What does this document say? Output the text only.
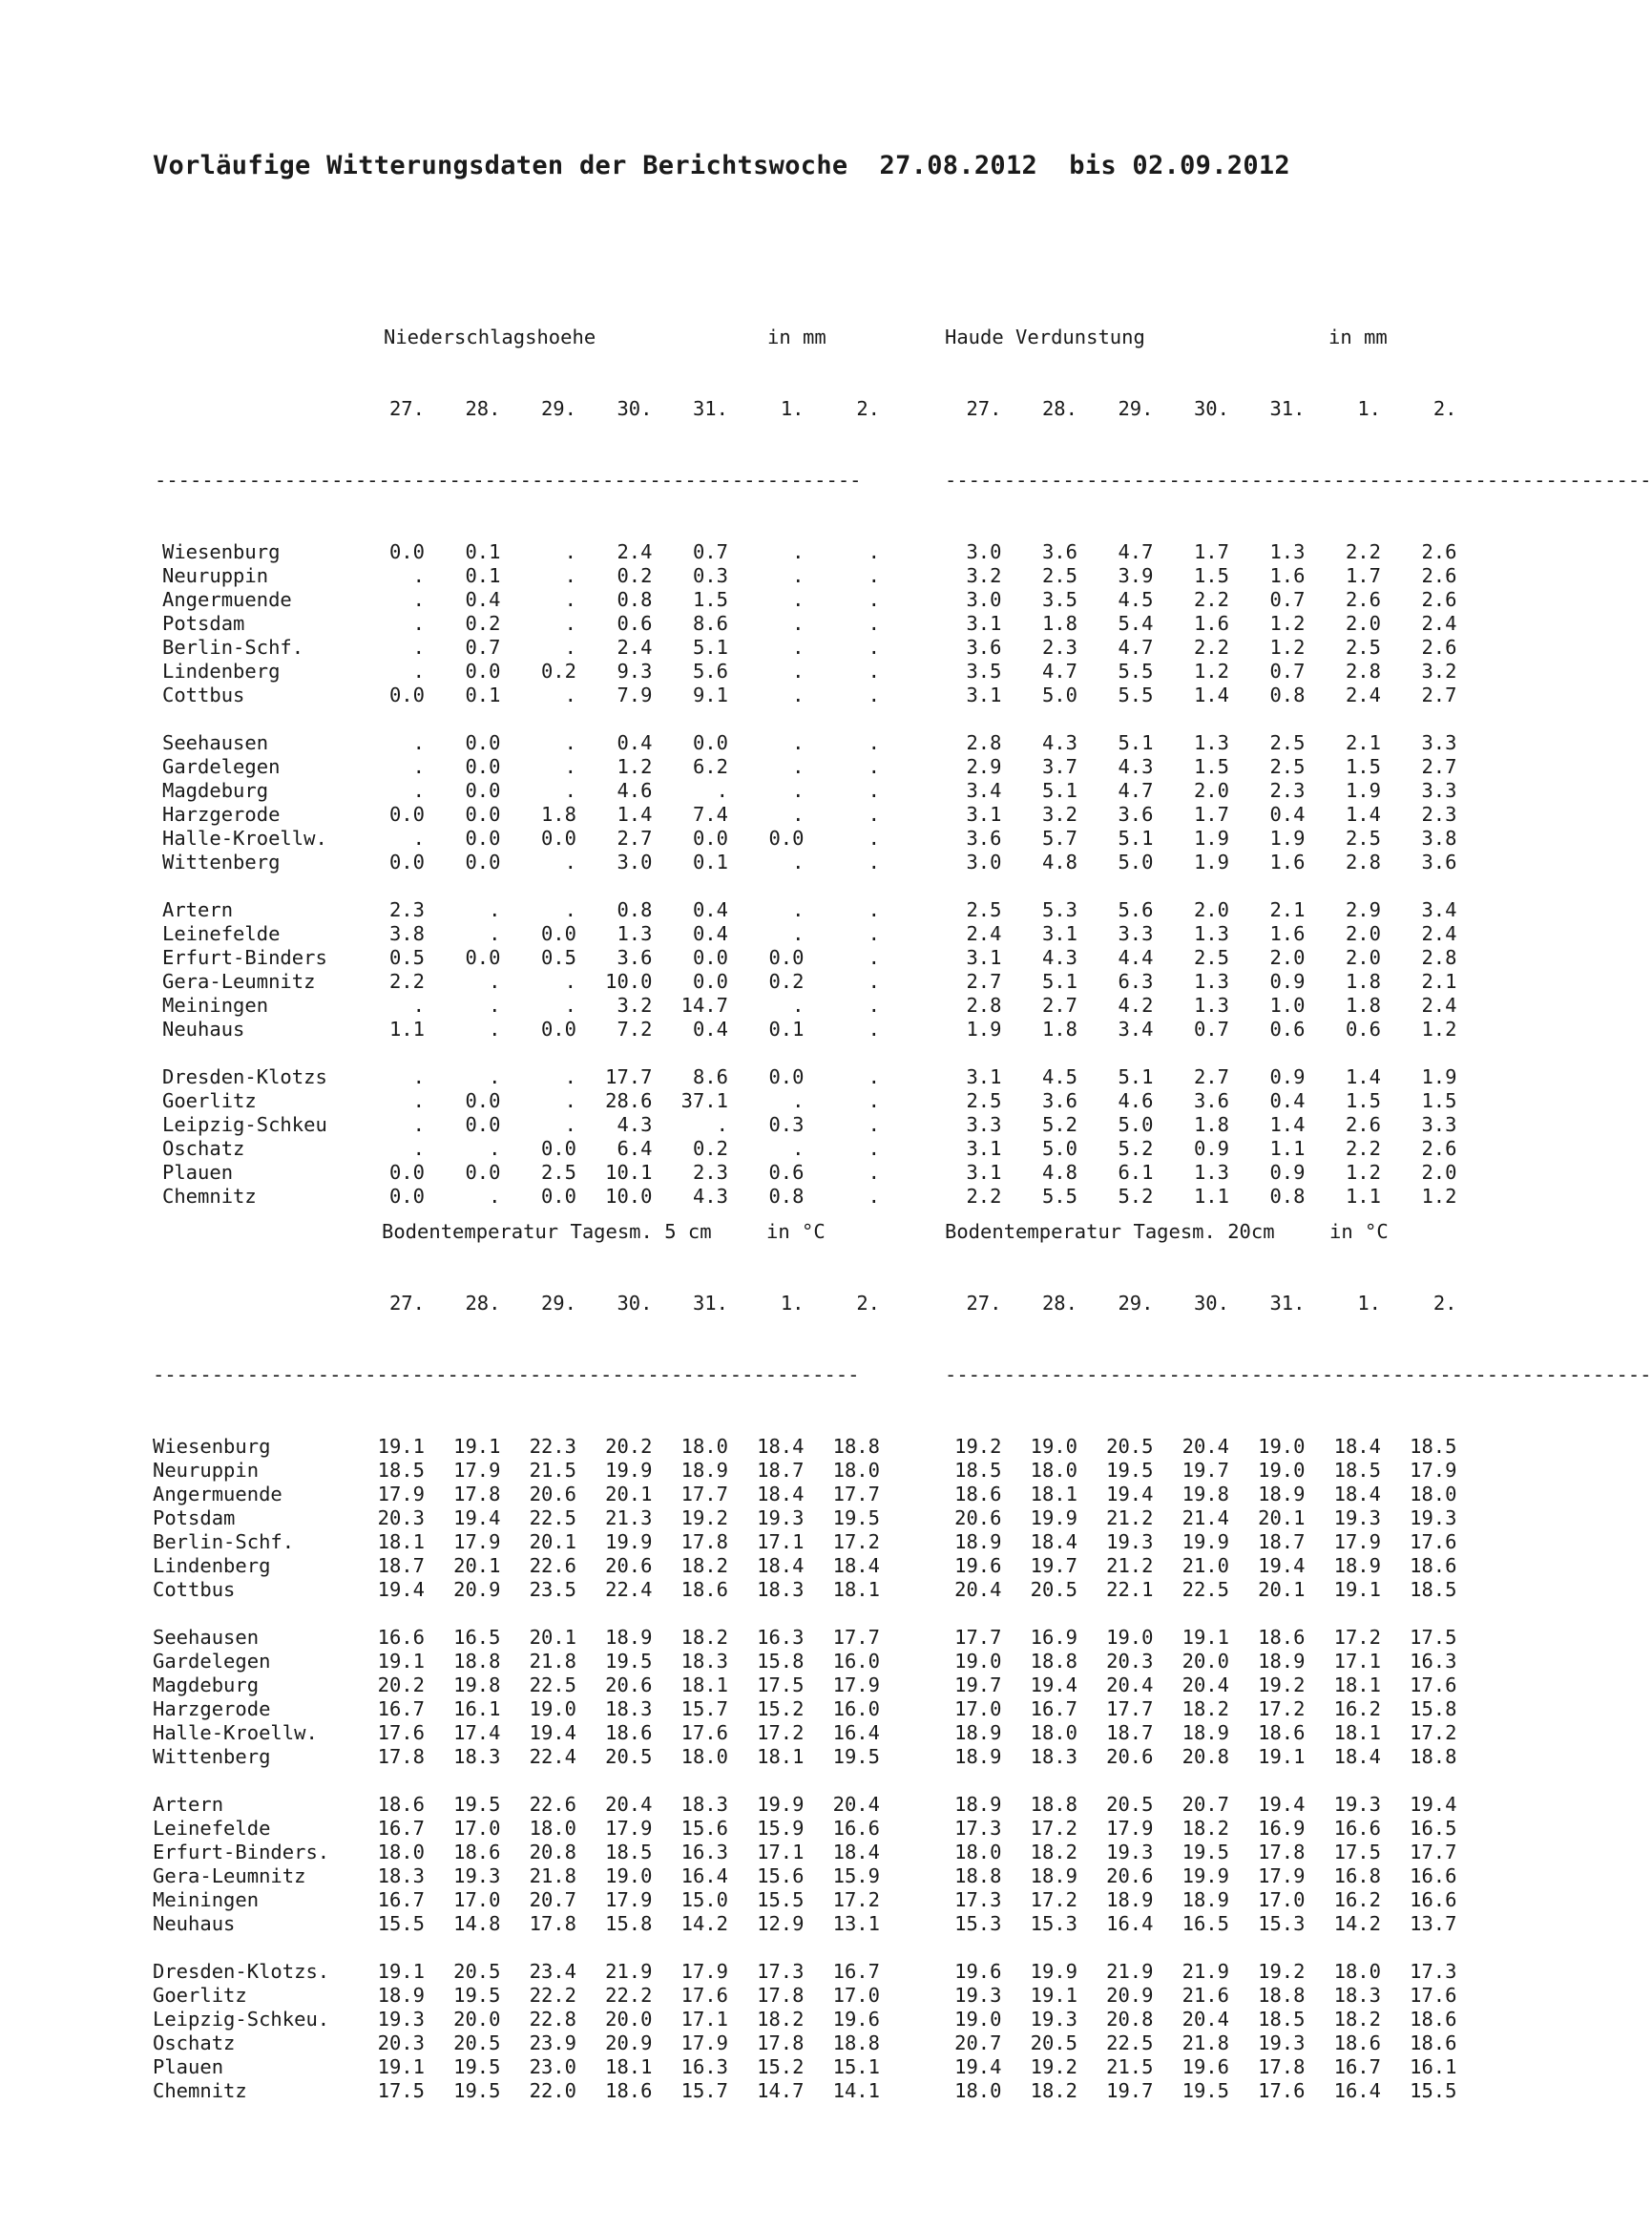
Vorläufige Witterungsdaten der Berichtswoche  27.08.2012  bis 02.09.2012

Niederschlagshoehe

	in mm

27.	28.	29.	30.	31.	1.	2.

------------------------------------------------------------

Wiesenburg	0.0	0.1	.	2.4	0.7	.	.
Neuruppin	.	0.1	.	0.2	0.3	.	.
Angermuende	.	0.4	.	0.8	1.5	.	.
Potsdam	.	0.2	.	0.6	8.6	.	.
Berlin-Schf.	.	0.7	.	2.4	5.1	.	.
Lindenberg	.	0.0	0.2	9.3	5.6	.	.
Cottbus	0.0	0.1	.	7.9	9.1	.	.
Seehausen	.	0.0	.	0.4	0.0	.	.
Gardelegen	.	0.0	.	1.2	6.2	.	.
Magdeburg	.	0.0	.	4.6	.	.	.
Harzgerode	0.0	0.0	1.8	1.4	7.4	.	.
Halle-Kroellw.	.	0.0	0.0	2.7	0.0	0.0	.
Wittenberg	0.0	0.0	.	3.0	0.1	.	.
Artern	2.3	.	.	0.8	0.4	.	.
Leinefelde	3.8	.	0.0	1.3	0.4	.	.
Erfurt-Binders	0.5	0.0	0.5	3.6	0.0	0.0	.
Gera-Leumnitz	2.2	.	.	10.0	0.0	0.2	.
Meiningen	.	.	.	3.2	14.7	.	.
Neuhaus	1.1	.	0.0	7.2	0.4	0.1	.
Dresden-Klotzs	.	.	.	17.7	8.6	0.0	.
Goerlitz	.	0.0	.	28.6	37.1	.	.
Leipzig-Schkeu	.	0.0	.	4.3	.	0.3	.
Oschatz	.	.	0.0	6.4	0.2	.	.
Plauen	0.0	0.0	2.5	10.1	2.3	0.6	.
Chemnitz	0.0	.	0.0	10.0	4.3	0.8	.

Haude Verdunstung

	in mm

27.	28.	29.	30.	31.	1.	2.

------------------------------------------------------------

3.0	3.6	4.7	1.7	1.3	2.2	2.6
3.2	2.5	3.9	1.5	1.6	1.7	2.6
3.0	3.5	4.5	2.2	0.7	2.6	2.6
3.1	1.8	5.4	1.6	1.2	2.0	2.4
3.6	2.3	4.7	2.2	1.2	2.5	2.6
3.5	4.7	5.5	1.2	0.7	2.8	3.2
3.1	5.0	5.5	1.4	0.8	2.4	2.7
2.8	4.3	5.1	1.3	2.5	2.1	3.3
2.9	3.7	4.3	1.5	2.5	1.5	2.7
3.4	5.1	4.7	2.0	2.3	1.9	3.3
3.1	3.2	3.6	1.7	0.4	1.4	2.3
3.6	5.7	5.1	1.9	1.9	2.5	3.8
3.0	4.8	5.0	1.9	1.6	2.8	3.6
2.5	5.3	5.6	2.0	2.1	2.9	3.4
2.4	3.1	3.3	1.3	1.6	2.0	2.4
3.1	4.3	4.4	2.5	2.0	2.0	2.8
2.7	5.1	6.3	1.3	0.9	1.8	2.1
2.8	2.7	4.2	1.3	1.0	1.8	2.4
1.9	1.8	3.4	0.7	0.6	0.6	1.2
3.1	4.5	5.1	2.7	0.9	1.4	1.9
2.5	3.6	4.6	3.6	0.4	1.5	1.5
3.3	5.2	5.0	1.8	1.4	2.6	3.3
3.1	5.0	5.2	0.9	1.1	2.2	2.6
3.1	4.8	6.1	1.3	0.9	1.2	2.0
2.2	5.5	5.2	1.1	0.8	1.1	1.2

Bodentemperatur Tagesm. 5 cm

	in °C

27.	28.	29.	30.	31.	1.	2.

------------------------------------------------------------

Wiesenburg	19.1	19.1	22.3	20.2	18.0	18.4	18.8
Neuruppin	18.5	17.9	21.5	19.9	18.9	18.7	18.0
Angermuende	17.9	17.8	20.6	20.1	17.7	18.4	17.7
Potsdam	20.3	19.4	22.5	21.3	19.2	19.3	19.5
Berlin-Schf.	18.1	17.9	20.1	19.9	17.8	17.1	17.2
Lindenberg	18.7	20.1	22.6	20.6	18.2	18.4	18.4
Cottbus	19.4	20.9	23.5	22.4	18.6	18.3	18.1
Seehausen	16.6	16.5	20.1	18.9	18.2	16.3	17.7
Gardelegen	19.1	18.8	21.8	19.5	18.3	15.8	16.0
Magdeburg	20.2	19.8	22.5	20.6	18.1	17.5	17.9
Harzgerode	16.7	16.1	19.0	18.3	15.7	15.2	16.0
Halle-Kroellw.	17.6	17.4	19.4	18.6	17.6	17.2	16.4
Wittenberg	17.8	18.3	22.4	20.5	18.0	18.1	19.5
Artern	18.6	19.5	22.6	20.4	18.3	19.9	20.4
Leinefelde	16.7	17.0	18.0	17.9	15.6	15.9	16.6
Erfurt-Binders.	18.0	18.6	20.8	18.5	16.3	17.1	18.4
Gera-Leumnitz	18.3	19.3	21.8	19.0	16.4	15.6	15.9
Meiningen	16.7	17.0	20.7	17.9	15.0	15.5	17.2
Neuhaus	15.5	14.8	17.8	15.8	14.2	12.9	13.1
Dresden-Klotzs.	19.1	20.5	23.4	21.9	17.9	17.3	16.7
Goerlitz	18.9	19.5	22.2	22.2	17.6	17.8	17.0
Leipzig-Schkeu.	19.3	20.0	22.8	20.0	17.1	18.2	19.6
Oschatz	20.3	20.5	23.9	20.9	17.9	17.8	18.8
Plauen	19.1	19.5	23.0	18.1	16.3	15.2	15.1
Chemnitz	17.5	19.5	22.0	18.6	15.7	14.7	14.1

Bodentemperatur Tagesm. 20cm

	in °C

27.	28.	29.	30.	31.	1.	2.

------------------------------------------------------------

19.2	19.0	20.5	20.4	19.0	18.4	18.5
18.5	18.0	19.5	19.7	19.0	18.5	17.9
18.6	18.1	19.4	19.8	18.9	18.4	18.0
20.6	19.9	21.2	21.4	20.1	19.3	19.3
18.9	18.4	19.3	19.9	18.7	17.9	17.6
19.6	19.7	21.2	21.0	19.4	18.9	18.6
20.4	20.5	22.1	22.5	20.1	19.1	18.5
17.7	16.9	19.0	19.1	18.6	17.2	17.5
19.0	18.8	20.3	20.0	18.9	17.1	16.3
19.7	19.4	20.4	20.4	19.2	18.1	17.6
17.0	16.7	17.7	18.2	17.2	16.2	15.8
18.9	18.0	18.7	18.9	18.6	18.1	17.2
18.9	18.3	20.6	20.8	19.1	18.4	18.8
18.9	18.8	20.5	20.7	19.4	19.3	19.4
17.3	17.2	17.9	18.2	16.9	16.6	16.5
18.0	18.2	19.3	19.5	17.8	17.5	17.7
18.8	18.9	20.6	19.9	17.9	16.8	16.6
17.3	17.2	18.9	18.9	17.0	16.2	16.6
15.3	15.3	16.4	16.5	15.3	14.2	13.7
19.6	19.9	21.9	21.9	19.2	18.0	17.3
19.3	19.1	20.9	21.6	18.8	18.3	17.6
19.0	19.3	20.8	20.4	18.5	18.2	18.6
20.7	20.5	22.5	21.8	19.3	18.6	18.6
19.4	19.2	21.5	19.6	17.8	16.7	16.1
18.0	18.2	19.7	19.5	17.6	16.4	15.5
